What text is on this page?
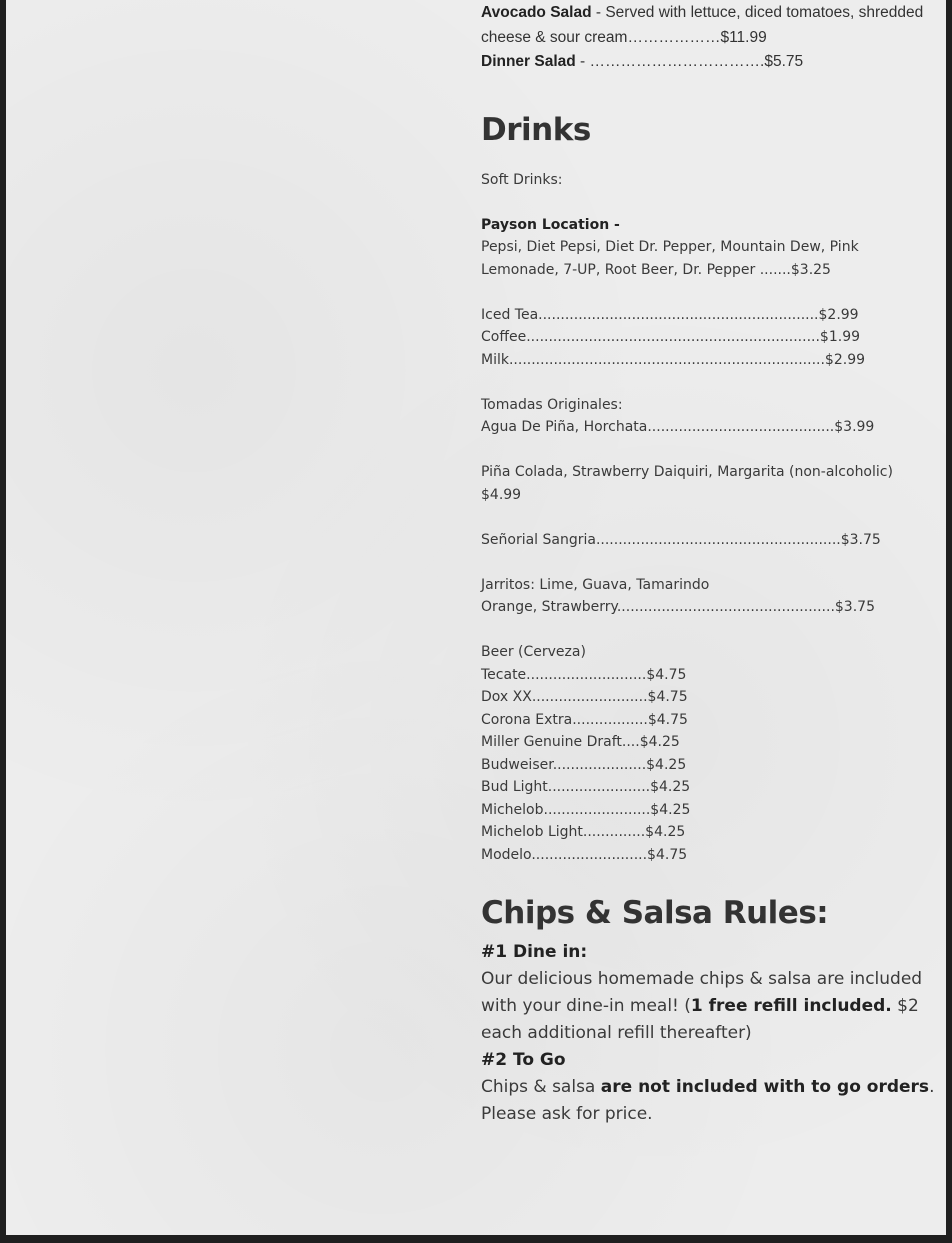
Avocado Salad - Served with lettuce, diced tomatoes, shredded
cheese & sour cream………………$11.99
Dinner Salad - …………………………….$5.75
Drinks
Soft Drinks:
Payson Location -
Pepsi, Diet Pepsi, Diet Dr. Pepper, Mountain Dew, Pink
Lemonade, 7-UP, Root Beer, Dr. Pepper .......$3.25
Iced Tea...............................................................$2.99
Coffee..................................................................$1.99
Milk.......................................................................$2.99
Tomadas Originales:
Agua De Piña, Horchata..........................................$3.99
Piña Colada, Strawberry Daiquiri, Margarita (non-alcoholic)
$4.99
Señorial Sangria.......................................................$3.75
Jarritos: Lime, Guava, Tamarindo
Orange, Strawberry.................................................$3.75
Beer (Cerveza)
Tecate...........................$4.75
Dox XX..........................$4.75
Corona Extra.................$4.75
Miller Genuine Draft....$4.25
Budweiser.....................$4.25
Bud Light.......................$4.25
Michelob........................$4.25
Michelob Light..............$4.25
Modelo..........................$4.75
Chips & Salsa Rules:
#1 Dine in:
Our delicious homemade chips & salsa are included with your dine-in meal! (1 free refill included. $2 each additional refill thereafter)
#2 To Go
Chips & salsa are not included with to go orders. Please ask for price.
